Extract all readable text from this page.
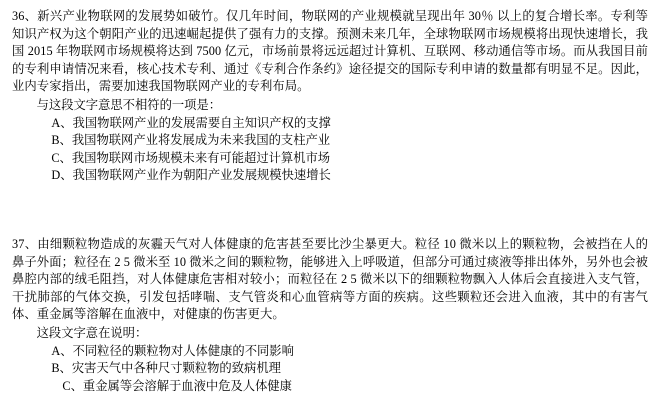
36、新兴产业物联网的发展势如破竹。仅几年时间，物联网的产业规模就呈现出年 30％ 以上的复合增长率。专利等知识产权为这个朝阳产业的迅速崛起提供了强有力的支撑。预测未来几年，全球物联网市场规模将出现快速增长，我国 2015 年物联网市场规模将达到 7500 亿元，市场前景将远远超过计算机、互联网、移动通信等市场。而从我国目前的专利申请情况来看，核心技术专利、通过《专利合作条约》途径提交的国际专利申请的数量都有明显不足。因此，业内专家指出，需要加速我国物联网产业的专利布局。
与这段文字意思不相符的一项是：
A、我国物联网产业的发展需要自主知识产权的支撑
B、我国物联网产业将发展成为未来我国的支柱产业
C、我国物联网市场规模未来有可能超过计算机市场
D、我国物联网产业作为朝阳产业发展规模快速增长
37、由细颗粒物造成的灰霾天气对人体健康的危害甚至要比沙尘暴更大。粒径 10 微米以上的颗粒物，会被挡在人的鼻子外面；粒径在 2 5 微米至 10 微米之间的颗粒物，能够进入上呼吸道，但部分可通过痰液等排出体外，另外也会被鼻腔内部的绒毛阻挡，对人体健康危害相对较小；而粒径在 2 5 微米以下的细颗粒物飘入人体后会直接进入支气管，干扰肺部的气体交换，引发包括哮喘、支气管炎和心血管病等方面的疾病。这些颗粒还会进入血液，其中的有害气体、重金属等溶解在血液中，对健康的伤害更大。
这段文字意在说明：
A、不同粒径的颗粒物对人体健康的不同影响
B、灾害天气中各种尺寸颗粒物的致病机理
C、重金属等会溶解于血液中危及人体健康
